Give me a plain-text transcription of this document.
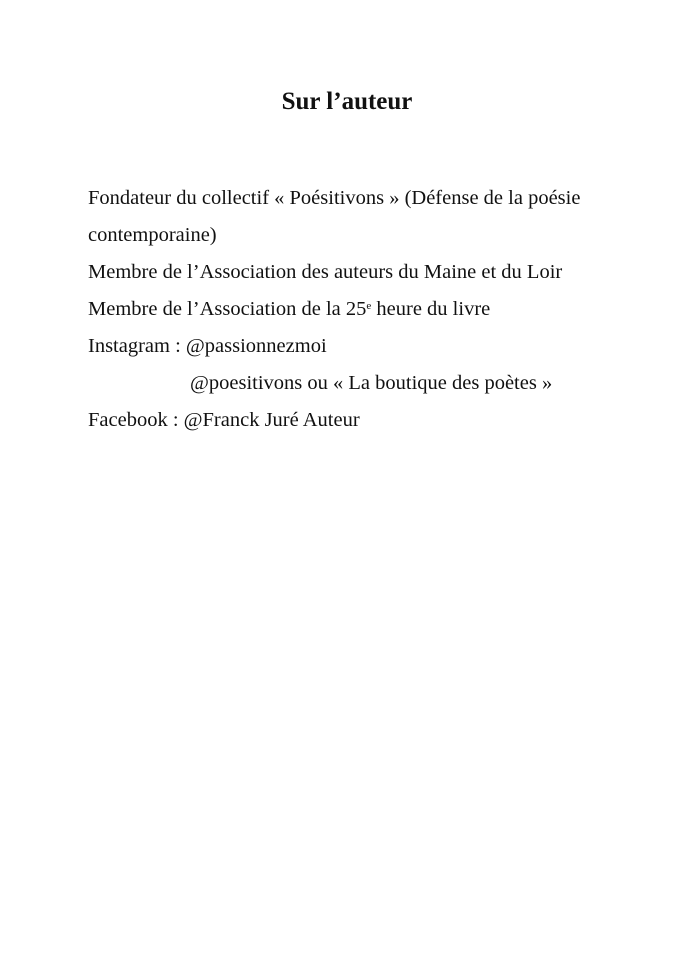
Sur l’auteur
Fondateur du collectif « Poésitivons » (Défense de la poésie
contemporaine)
Membre de l’Association des auteurs du Maine et du Loir
Membre de l’Association de la 25e heure du livre
Instagram : @passionnezmoi
@poesitivons ou « La boutique des poètes »
Facebook : @Franck Juré Auteur
